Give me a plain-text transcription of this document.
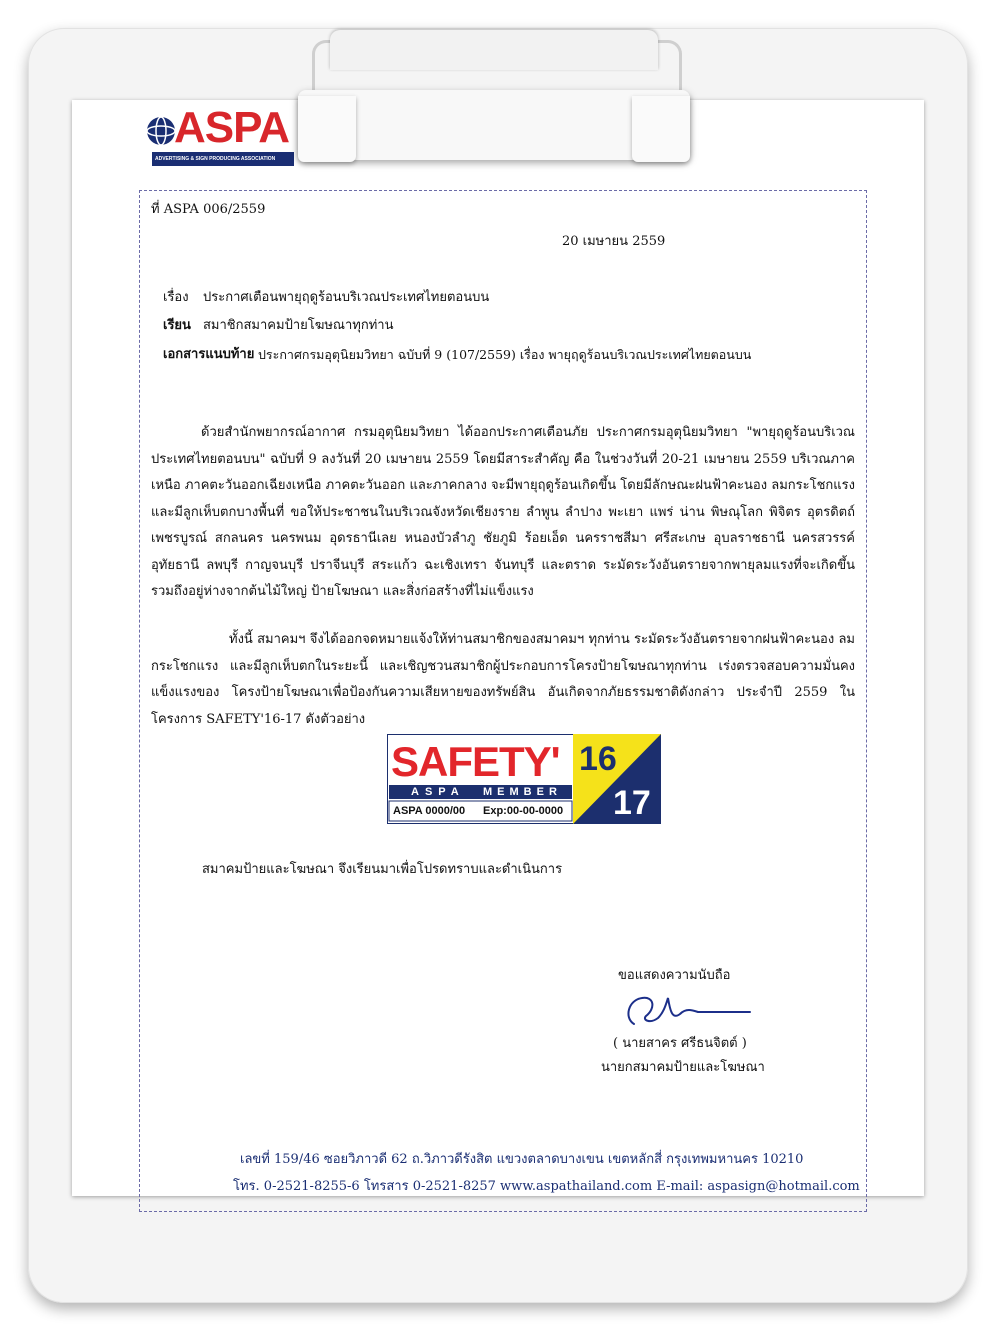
ASPA
ADVERTISING & SIGN PRODUCING ASSOCIATION
ที่ ASPA 006/2559
20 เมษายน 2559
เรื่อง ประกาศเตือนพายุฤดูร้อนบริเวณประเทศไทยตอนบน
เรียน สมาชิกสมาคมป้ายโฆษณาทุกท่าน
เอกสารแนบท้าย ประกาศกรมอุตุนิยมวิทยา ฉบับที่ 9 (107/2559) เรื่อง พายุฤดูร้อนบริเวณประเทศไทยตอนบน
ด้วยสำนักพยากรณ์อากาศ กรมอุตุนิยมวิทยา ได้ออกประกาศเตือนภัย ประกาศกรมอุตุนิยมวิทยา "พายุฤดูร้อนบริเวณประเทศไทยตอนบน" ฉบับที่ 9 ลงวันที่ 20 เมษายน 2559 โดยมีสาระสำคัญ คือ ในช่วงวันที่ 20-21 เมษายน 2559 บริเวณภาคเหนือ ภาคตะวันออกเฉียงเหนือ ภาคตะวันออก และภาคกลาง จะมีพายุฤดูร้อนเกิดขึ้น โดยมีลักษณะฝนฟ้าคะนอง ลมกระโชกแรง และมีลูกเห็บตกบางพื้นที่ ขอให้ประชาชนในบริเวณจังหวัดเชียงราย ลำพูน ลำปาง พะเยา แพร่ น่าน พิษณุโลก พิจิตร อุตรดิตถ์ เพชรบูรณ์ สกลนคร นครพนม อุดรธานีเลย หนองบัวลำภู ชัยภูมิ ร้อยเอ็ด นครราชสีมา ศรีสะเกษ อุบลราชธานี นครสวรรค์ อุทัยธานี ลพบุรี กาญจนบุรี ปราจีนบุรี สระแก้ว ฉะเชิงเทรา จันทบุรี และตราด ระมัดระวังอันตรายจากพายุลมแรงที่จะเกิดขึ้น รวมถึงอยู่ห่างจากต้นไม้ใหญ่ ป้ายโฆษณา และสิ่งก่อสร้างที่ไม่แข็งแรง
ทั้งนี้ สมาคมฯ จึงได้ออกจดหมายแจ้งให้ท่านสมาชิกของสมาคมฯ ทุกท่าน ระมัดระวังอันตรายจากฝนฟ้าคะนอง ลมกระโชกแรง และมีลูกเห็บตกในระยะนี้ และเชิญชวนสมาชิกผู้ประกอบการโครงป้ายโฆษณาทุกท่าน เร่งตรวจสอบความมั่นคงแข็งแรงของ โครงป้ายโฆษณาเพื่อป้องกันความเสียหายของทรัพย์สิน อันเกิดจากภัยธรรมชาติดังกล่าว ประจำปี 2559 ในโครงการ SAFETY'16-17 ดังตัวอย่าง
SAFETY' 16
17
ASPA MEMBER
ASPA 0000/00 Exp:00-00-0000
สมาคมป้ายและโฆษณา จึงเรียนมาเพื่อโปรดทราบและดำเนินการ
ขอแสดงความนับถือ
( นายสาคร ศรีธนจิตต์ )
นายกสมาคมป้ายและโฆษณา
เลขที่ 159/46 ซอยวิภาวดี 62 ถ.วิภาวดีรังสิต แขวงตลาดบางเขน เขตหลักสี่ กรุงเทพมหานคร 10210
โทร. 0-2521-8255-6 โทรสาร 0-2521-8257 www.aspathailand.com E-mail: aspasign@hotmail.com
